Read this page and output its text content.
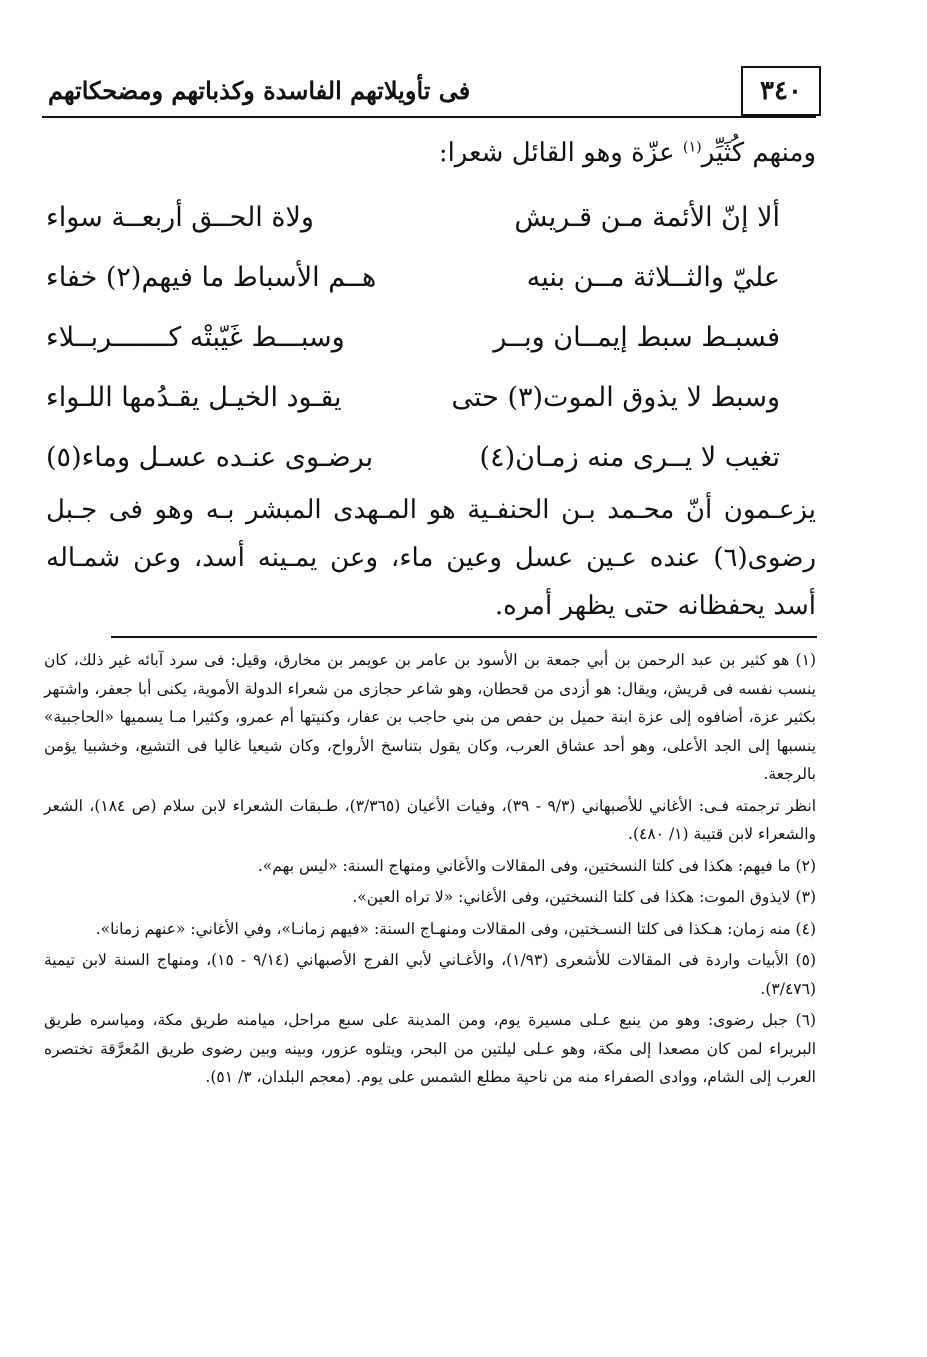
فى تأويلاتهم الفاسدة وكذباتهم ومضحكاتهم	٣٤٠
ومنهم كُثَيِّر$^{(١)}$ عزّة وهو القائل شعرا:
ألا إنّ الأئمة مـن قـريش
ولاة الحــق أربعــة سواء
عليّ والثــلاثة مــن بنيه
هــم الأسباط ما فيهم(٢) خفاء
فسبـط سبط إيمــان وبــر
وسبـــط غَيّبتْه كـــــــربــلاء
وسبط لا يذوق الموت(٣) حتى
يقـود الخيـل يقـدُمها اللـواء
تغيب لا يــرى منه زمـان(٤)
برضـوى عنـده عسـل وماء(٥)

يزعـمون أنّ محـمد بـن الحنفـية هو المـهدى المبشر بـه وهو فى جـبل رضوى(٦) عنده عـين عسل وعين ماء، وعن يمـينه أسد، وعن شمـاله أسد يحفظانه حتى يظهر أمره.

(١) هو كثير بن عبد الرحمن بن أبي جمعة بن الأسود بن عامر بن عويمر بن مخارق، وقيل: فى سرد آبائه غير ذلك، كان ينسب نفسه فى قريش، ويقال: هو أزدى من قحطان، وهو شاعر حجازى من شعراء الدولة الأموية، يكنى أبا جعفر، واشتهر بكثير عزة، أضافوه إلى عزة ابنة حميل بن حفص من بني حاجب بن عفار، وكنيتها أم عمرو، وكثيرا مـا يسميها «الحاجبية» ينسبها إلى الجد الأعلى، وهو أحد عشاق العرب، وكان يقول بتناسخ الأرواح، وكان شيعيا غاليا فى التشيع، وخشبيا يؤمن بالرجعة.

انظر ترجمته فـى: الأغاني للأصبهاني (٩/٣ - ٣٩)، وفيات الأعيان (٣/٣٦٥)، طـبقات الشعراء لابن سلام (ص ١٨٤)، الشعر والشعراء لابن قتيبة (١/ ٤٨٠).

(٢) ما فيهم: هكذا فى كلتا النسختين، وفى المقالات والأغاني ومنهاج السنة: «ليس بهم».

(٣) لايذوق الموت: هكذا فى كلتا النسختين، وفى الأغاني: «لا تراه العين».

(٤) منه زمان: هـكذا فى كلتا النسـختين، وفى المقالات ومنهـاج السنة: «فيهم زمانـا»، وفي الأغاني: «عنهم زمانا».

(٥) الأبيات واردة فى المقالات للأشعرى (١/٩٣)، والأغـاني لأبي الفرج الأصبهاني (٩/١٤ - ١٥)، ومنهاج السنة لابن تيمية (٣/٤٧٦).

(٦) جبل رضوى: وهو من ينبع عـلى مسيرة يوم، ومن المدينة على سبع مراحل، ميامنه طريق مكة، ومياسره طريق البريراء لمن كان مصعدا إلى مكة، وهو عـلى ليلتين من البحر، ويتلوه عزور، وبينه وبين رضوى طريق المُعرَّقة تختصره العرب إلى الشام، ووادى الصفراء منه من ناحية مطلع الشمس على يوم. (معجم البلدان، ٣/ ٥١).
